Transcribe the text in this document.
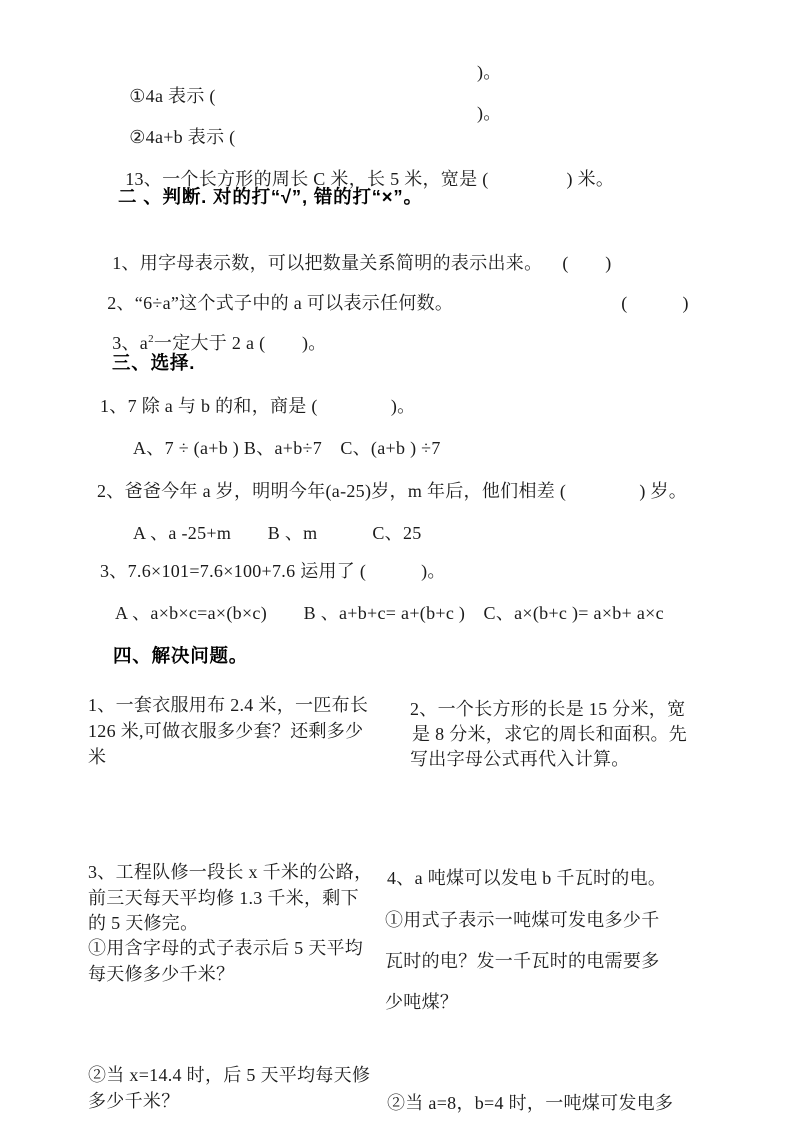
①4a 表示 (

)。

②4a+b 表示 (

)。

13、一个长方形的周长 C 米，长 5 米，宽是 (	) 米。

二 、判断. 对的打“√”, 错的打“×”。

1、用字母表示数，可以把数量关系简明的表示出来。 (　　)

2、“6÷a”这个式子中的 a 可以表示任何数。	(　　　)

3、$a^2$一定大于 2 a (　　)。

三、选择.
1、7 除 a 与 b 的和，商是 (　　　　)。
A、7 ÷ (a+b ) B、a+b÷7　C、(a+b ) ÷7
2、爸爸今年 a 岁，明明今年(a-25)岁，m 年后，他们相差 (　　　　) 岁。
A 、a -25+m　　B 、m　　　C、25
3、7.6×101=7.6×100+7.6 运用了 (　　　)。
A 、a×b×c=a×(b×c)　　B 、a+b+c= a+(b+c )　C、a×(b+c )= a×b+ a×c
四、解决问题。
1、一套衣服用布 2.4 米，一匹布长
126 米,可做衣服多少套？还剩多少
米
2、一个长方形的长是 15 分米，宽
是 8 分米，求它的周长和面积。先
写出字母公式再代入计算。
3、工程队修一段长 x 千米的公路，
前三天每天平均修 1.3 千米，剩下
的 5 天修完。
①用含字母的式子表示后 5 天平均
每天修多少千米？
②当 x=14.4 时，后 5 天平均每天修
多少千米？
4、a 吨煤可以发电 b 千瓦时的电。
①用式子表示一吨煤可发电多少千
瓦时的电？发一千瓦时的电需要多
少吨煤？
②当 a=8，b=4 时，一吨煤可发电多
